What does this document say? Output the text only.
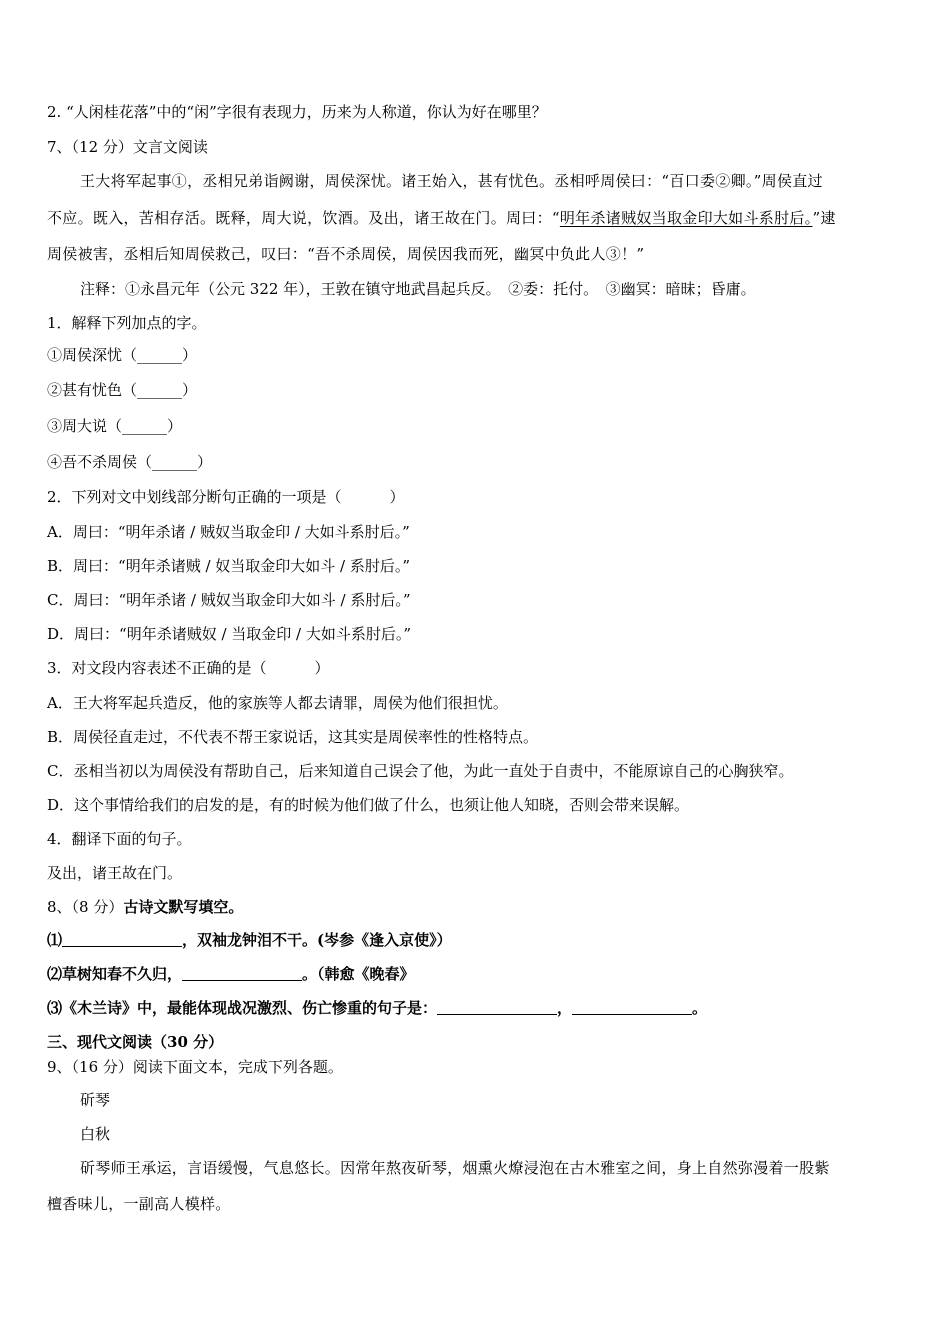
2. “人闲桂花落”中的“闲”字很有表现力，历来为人称道，你认为好在哪里？
7、（12 分）文言文阅读
王大将军起事①，丞相兄弟诣阙谢，周侯深忧。诸王始入，甚有忧色。丞相呼周侯曰：“百口委②卿。”周侯直过
不应。既入，苦相存活。既释，周大说，饮酒。及出，诸王故在门。周曰：“明年杀诸贼奴当取金印大如斗系肘后。”逮
周侯被害，丞相后知周侯救己，叹曰：“吾不杀周侯，周侯因我而死，幽冥中负此人③！”
注释：①永昌元年（公元 322 年），王敦在镇守地武昌起兵反。　②委：托付。　③幽冥：暗昧；昏庸。
1．解释下列加点的字。
①周侯深忧（______）
②甚有忧色（______）
③周大说（______）
④吾不杀周侯（______）
2．下列对文中划线部分断句正确的一项是（	）
A．周曰：“明年杀诸 / 贼奴当取金印 / 大如斗系肘后。”
B．周曰：“明年杀诸贼 / 奴当取金印大如斗 / 系肘后。”
C．周曰：“明年杀诸 / 贼奴当取金印大如斗 / 系肘后。”
D．周曰：“明年杀诸贼奴 / 当取金印 / 大如斗系肘后。”
3．对文段内容表述不正确的是（	）
A．王大将军起兵造反，他的家族等人都去请罪，周侯为他们很担忧。
B．周侯径直走过，不代表不帮王家说话，这其实是周侯率性的性格特点。
C．丞相当初以为周侯没有帮助自己，后来知道自己误会了他，为此一直处于自责中，不能原谅自己的心胸狭窄。
D．这个事情给我们的启发的是，有的时候为他们做了什么，也须让他人知晓，否则会带来误解。
4．翻译下面的句子。
及出，诸王故在门。
8、（8 分）古诗文默写填空。
⑴	，双袖龙钟泪不干。(岑参《逢入京使》）
⑵草树知春不久归，	。（韩愈《晚春》
⑶《木兰诗》中，最能体现战况激烈、伤亡惨重的句子是：	，	。
三、现代文阅读（30 分）
9、（16 分）阅读下面文本，完成下列各题。
斫琴
白秋
斫琴师王承运，言语缓慢，气息悠长。因常年熬夜斫琴，烟熏火燎浸泡在古木雅室之间，身上自然弥漫着一股紫
檀香味儿，一副高人模样。
